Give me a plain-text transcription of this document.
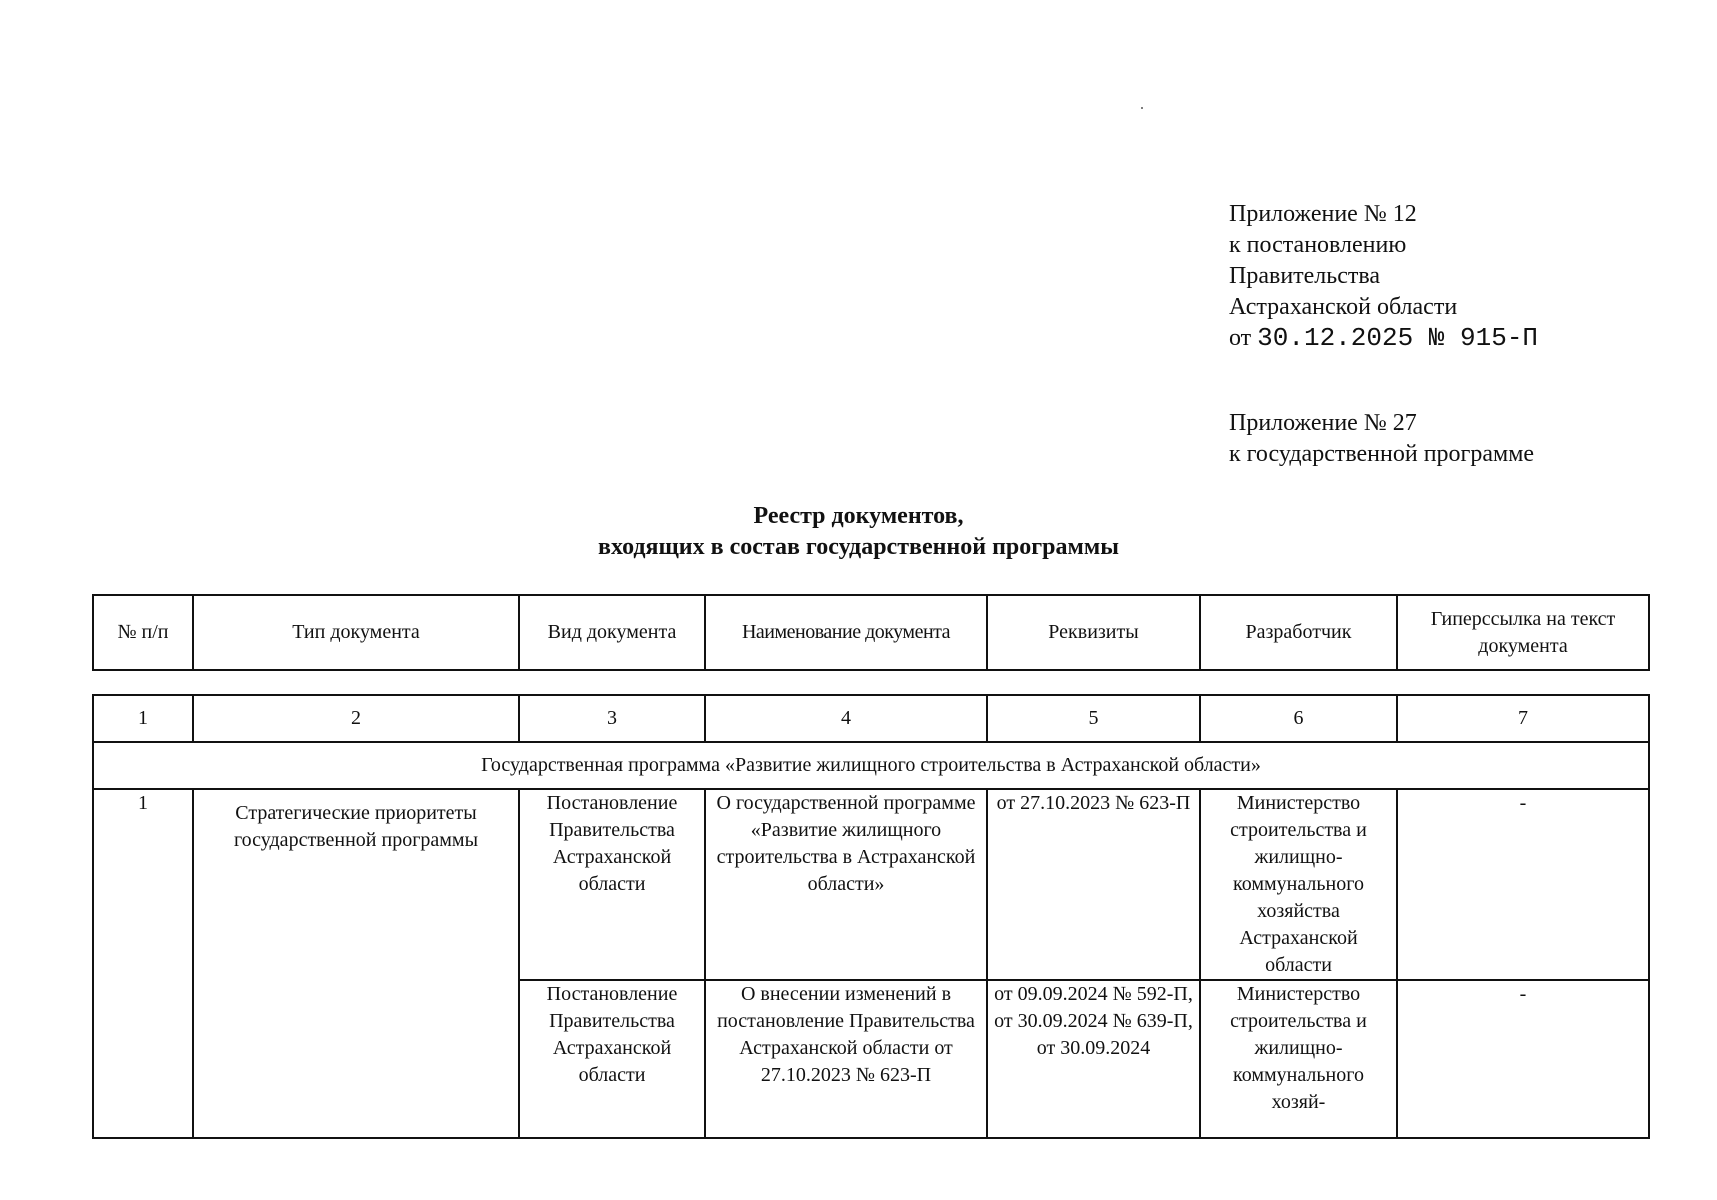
Приложение № 12
к постановлению
Правительства
Астраханской области
от 30.12.2025 № 915-П
Приложение № 27
к государственной программе
Реестр документов,
входящих в состав государственной программы
№ п/п	Тип документа	Вид документа	Наименование документа	Реквизиты	Разработчик	Гиперссылка на текст документа
1	2	3	4	5	6	7
Государственная программа «Развитие жилищного строительства в Астраханской области»						
1	Стратегические приоритеты государственной программы	Постановление Правительства Астраханской области	О государственной программе «Развитие жилищного строительства в Астраханской области»	от 27.10.2023 № 623-П	Министерство строительства и жилищно-коммунального хозяйства Астраханской области	-
		Постановление Правительства Астраханской области	О внесении изменений в постановление Правительства Астраханской области от 27.10.2023 № 623-П	от 09.09.2024 № 592-П, от 30.09.2024 № 639-П, от 30.09.2024	Министерство строительства и жилищно-коммунального хозяй-	-
